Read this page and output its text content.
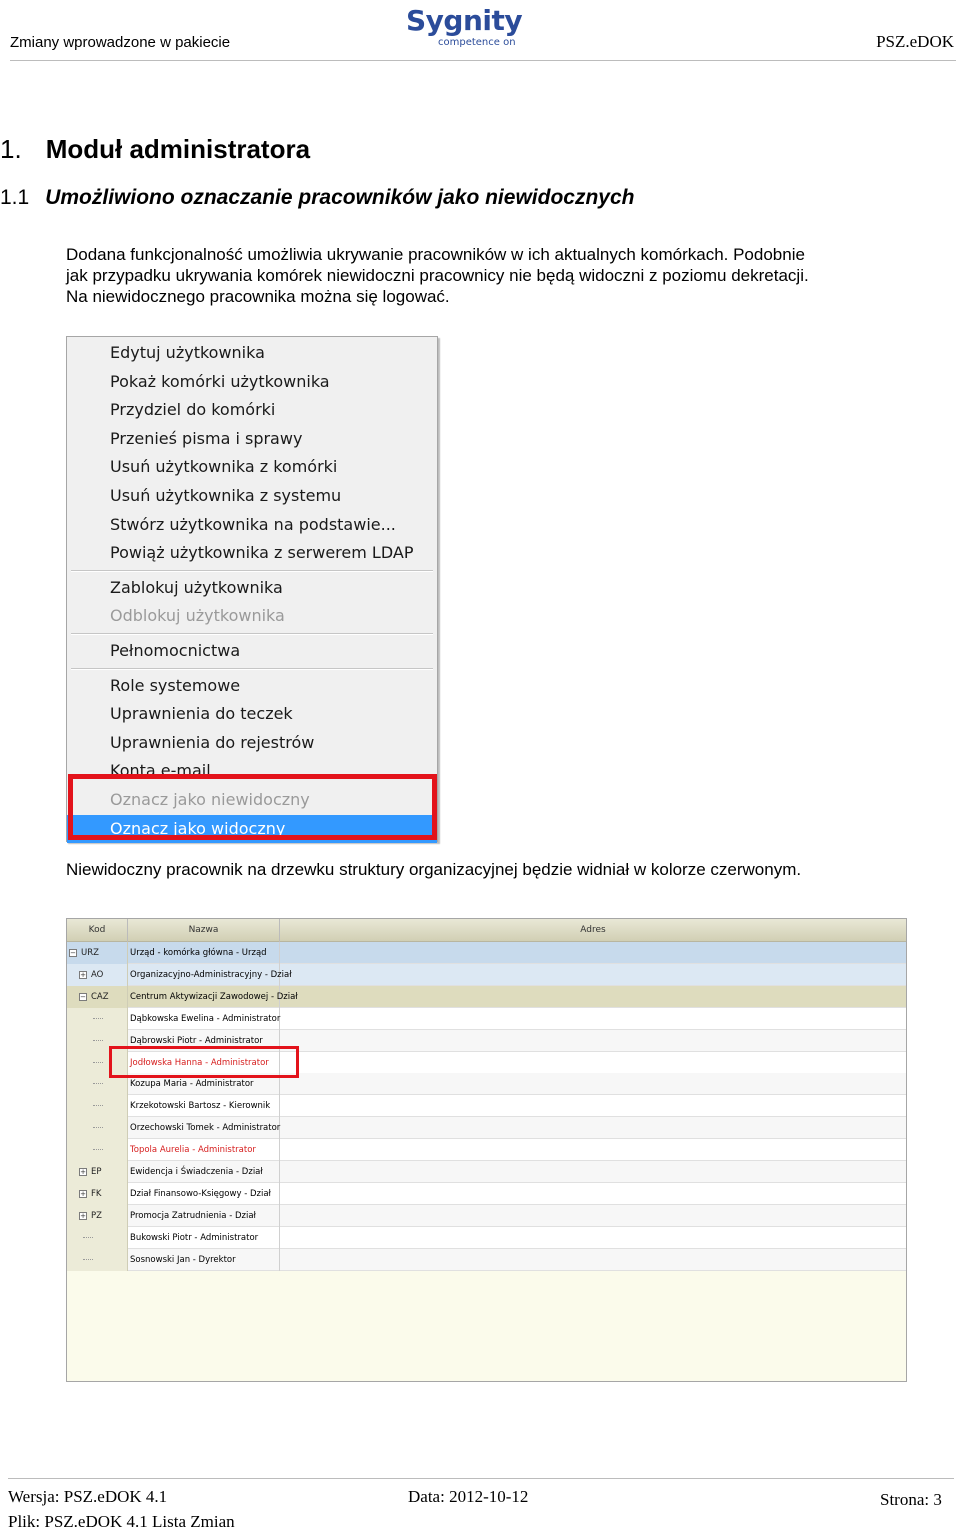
Zmiany wprowadzone w pakiecie
Sygnity
competence on	PSZ.eDOK
1. Moduł administratora
1.1 Umożliwiono oznaczanie pracowników jako niewidocznych

Dodana funkcjonalność umożliwia ukrywanie pracowników w ich aktualnych komórkach. Podobnie

jak przypadku ukrywania komórek niewidoczni pracownicy nie będą widoczni z poziomu dekretacji.

Na niewidocznego pracownika można się logować.

Edytuj użytkownika
Pokaż komórki użytkownika
Przydziel do komórki
Przenieś pisma i sprawy
Usuń użytkownika z komórki
Usuń użytkownika z systemu
Stwórz użytkownika na podstawie...
Powiąż użytkownika z serwerem LDAP
Zablokuj użytkownika
Odblokuj użytkownika
Pełnomocnictwa
Role systemowe
Uprawnienia do teczek
Uprawnienia do rejestrów
Konta e-mail
Oznacz jako niewidoczny
Oznacz jako widoczny
Niewidoczny pracownik na drzewku struktury organizacyjnej będzie widniał w kolorze czerwonym.
Kod	Nazwa	Adres
− URZ	Urząd - komórka główna - Urząd
+ AO	Organizacyjno-Administracyjny - Dział
− CAZ	Centrum Aktywizacji Zawodowej - Dział
Dąbkowska Ewelina - Administrator
Dąbrowski Piotr - Administrator
Jodłowska Hanna - Administrator
Kozupa Maria - Administrator
Krzekotowski Bartosz - Kierownik
Orzechowski Tomek - Administrator
Topola Aurelia - Administrator
+ EP	Ewidencja i Świadczenia - Dział
+ FK	Dział Finansowo-Księgowy - Dział
+ PZ	Promocja Zatrudnienia - Dział
Bukowski Piotr - Administrator
Sosnowski Jan - Dyrektor
Wersja: PSZ.eDOK 4.1	Data: 2012-10-12	Strona: 3
Plik: PSZ.eDOK 4.1 Lista Zmian
